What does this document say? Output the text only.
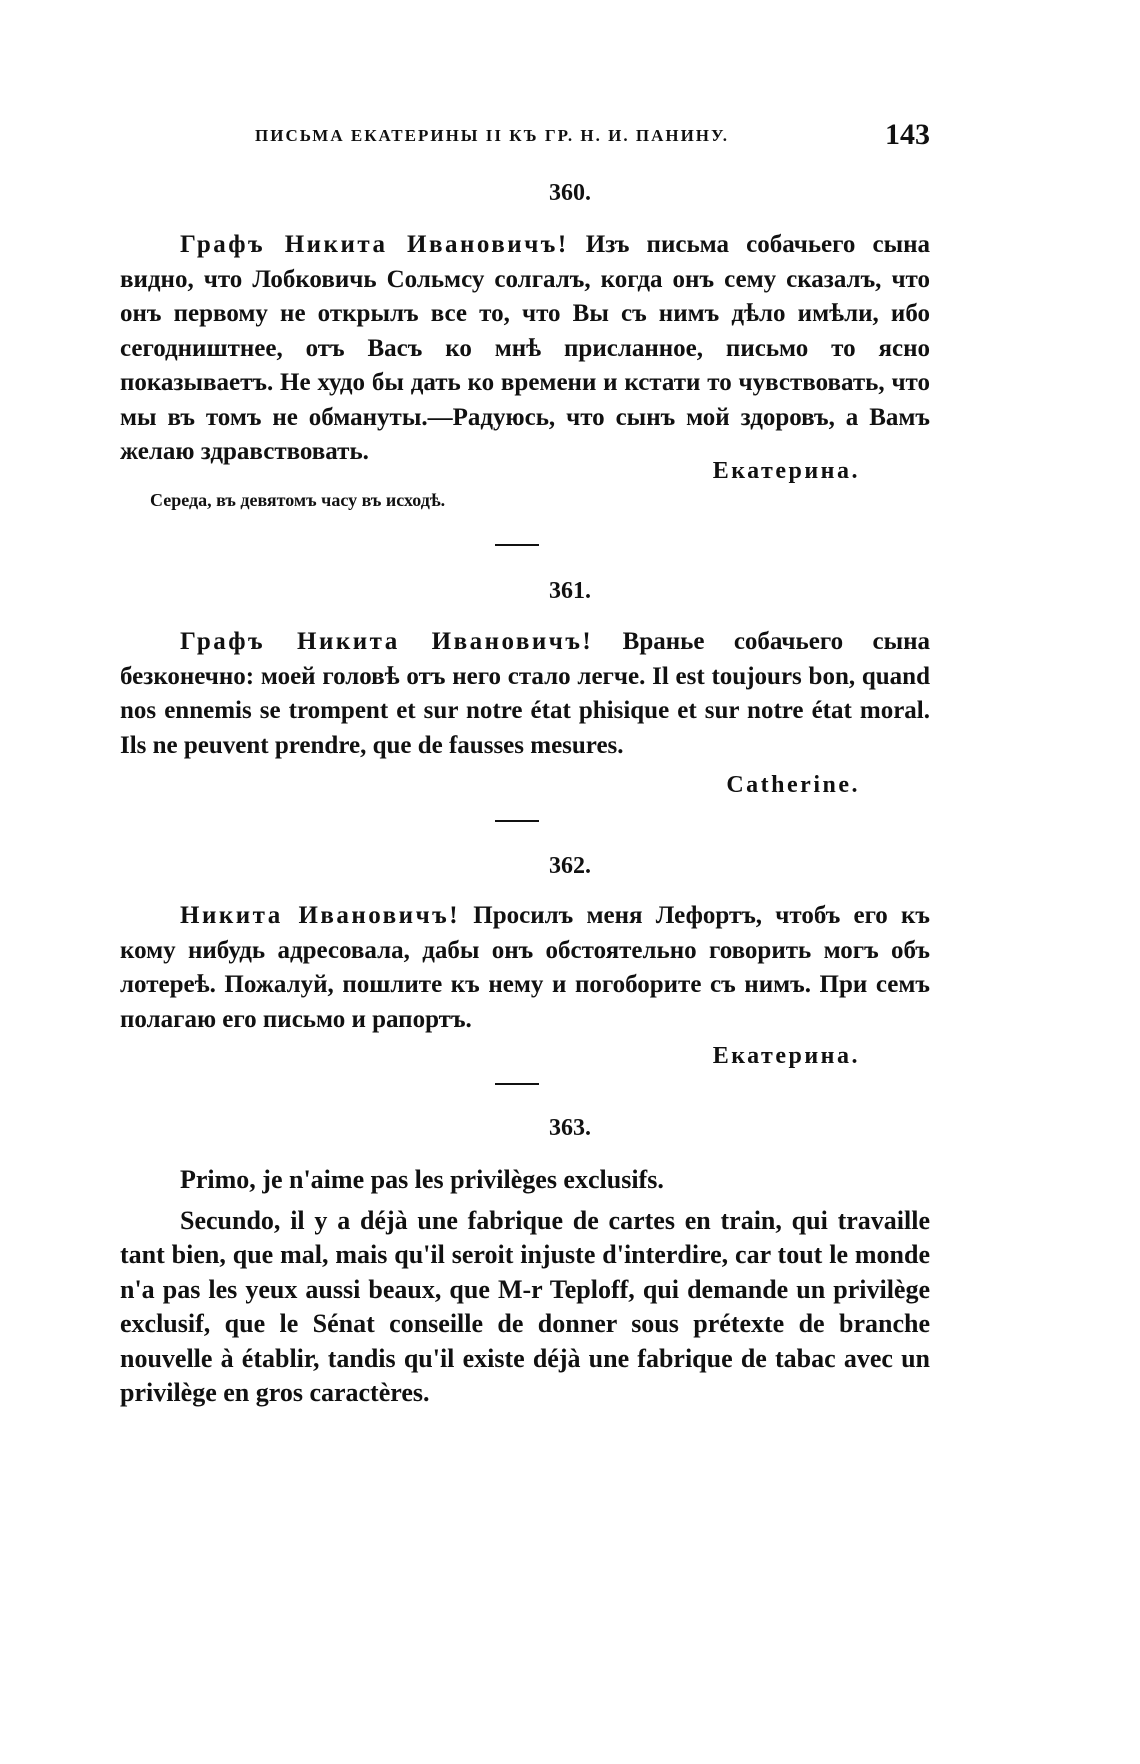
ПИСЬМА ЕКАТЕРИНЫ II КЪ ГР. Н. И. ПАНИНУ.	143
360.

Графъ Никита Ивановичъ! Изъ письма собачьего сына видно, что Лобковичь Сольмсу солгалъ, когда онъ сему сказалъ, что онъ первому не открылъ все то, что Вы съ нимъ дѣло имѣли, ибо сегодништнее, отъ Васъ ко мнѣ присланное, письмо то ясно показываетъ. Не худо бы дать ко времени и кстати то чувствовать, что мы въ томъ не обмануты.—Радуюсь, что сынъ мой здоровъ, а Вамъ желаю здравствовать.

Екатерина.
Середа, въ девятомъ часу въ исходѣ.
361.

Графъ Никита Ивановичъ! Вранье собачьего сына безконечно: моей головѣ отъ него стало легче. Il est toujours bon, quand nos ennemis se trompent et sur notre état phisique et sur notre état moral. Ils ne peuvent prendre, que de fausses mesures.

Catherine.
362.

Никита Ивановичъ! Просилъ меня Лефортъ, чтобъ его къ кому нибудь адресовала, дабы онъ обстоятельно говорить могъ объ лотереѣ. Пожалуй, пошлите къ нему и погоборите съ нимъ. При семъ полагаю его письмо и рапортъ.

Екатерина.
363.

Primo, je n'aime pas les privilèges exclusifs.

Secundo, il y a déjà une fabrique de cartes en train, qui travaille tant bien, que mal, mais qu'il seroit injuste d'interdire, car tout le monde n'a pas les yeux aussi beaux, que M-r Teploff, qui demande un privilège exclusif, que le Sénat conseille de donner sous prétexte de branche nouvelle à établir, tandis qu'il existe déjà une fabrique de tabac avec un privilège en gros caractères.
